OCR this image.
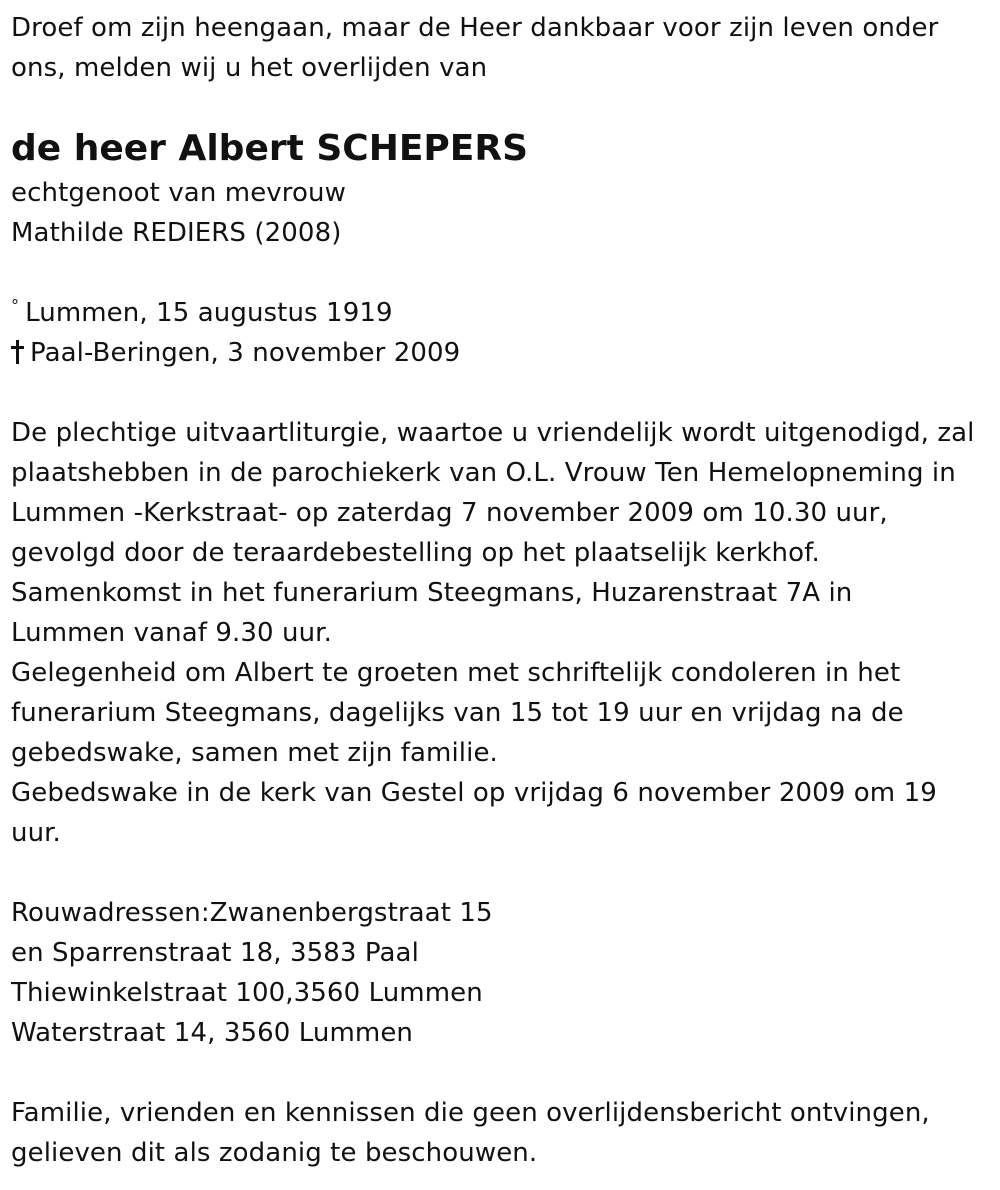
Droef om zijn heengaan, maar de Heer dankbaar voor zijn leven onder
ons, melden wij u het overlijden van
de heer Albert SCHEPERS
echtgenoot van mevrouw
Mathilde REDIERS (2008)
° Lummen, 15 augustus 1919
Paal-Beringen, 3 november 2009
De plechtige uitvaartliturgie, waartoe u vriendelijk wordt uitgenodigd, zal
plaatshebben in de parochiekerk van O.L. Vrouw Ten Hemelopneming in
Lummen -Kerkstraat- op zaterdag 7 november 2009 om 10.30 uur,
gevolgd door de teraardebestelling op het plaatselijk kerkhof.
Samenkomst in het funerarium Steegmans, Huzarenstraat 7A in
Lummen vanaf 9.30 uur.
Gelegenheid om Albert te groeten met schriftelijk condoleren in het
funerarium Steegmans, dagelijks van 15 tot 19 uur en vrijdag na de
gebedswake, samen met zijn familie.
Gebedswake in de kerk van Gestel op vrijdag 6 november 2009 om 19
uur.
Rouwadressen:Zwanenbergstraat 15
en Sparrenstraat 18, 3583 Paal
Thiewinkelstraat 100,3560 Lummen
Waterstraat 14, 3560 Lummen
Familie, vrienden en kennissen die geen overlijdensbericht ontvingen,
gelieven dit als zodanig te beschouwen.
